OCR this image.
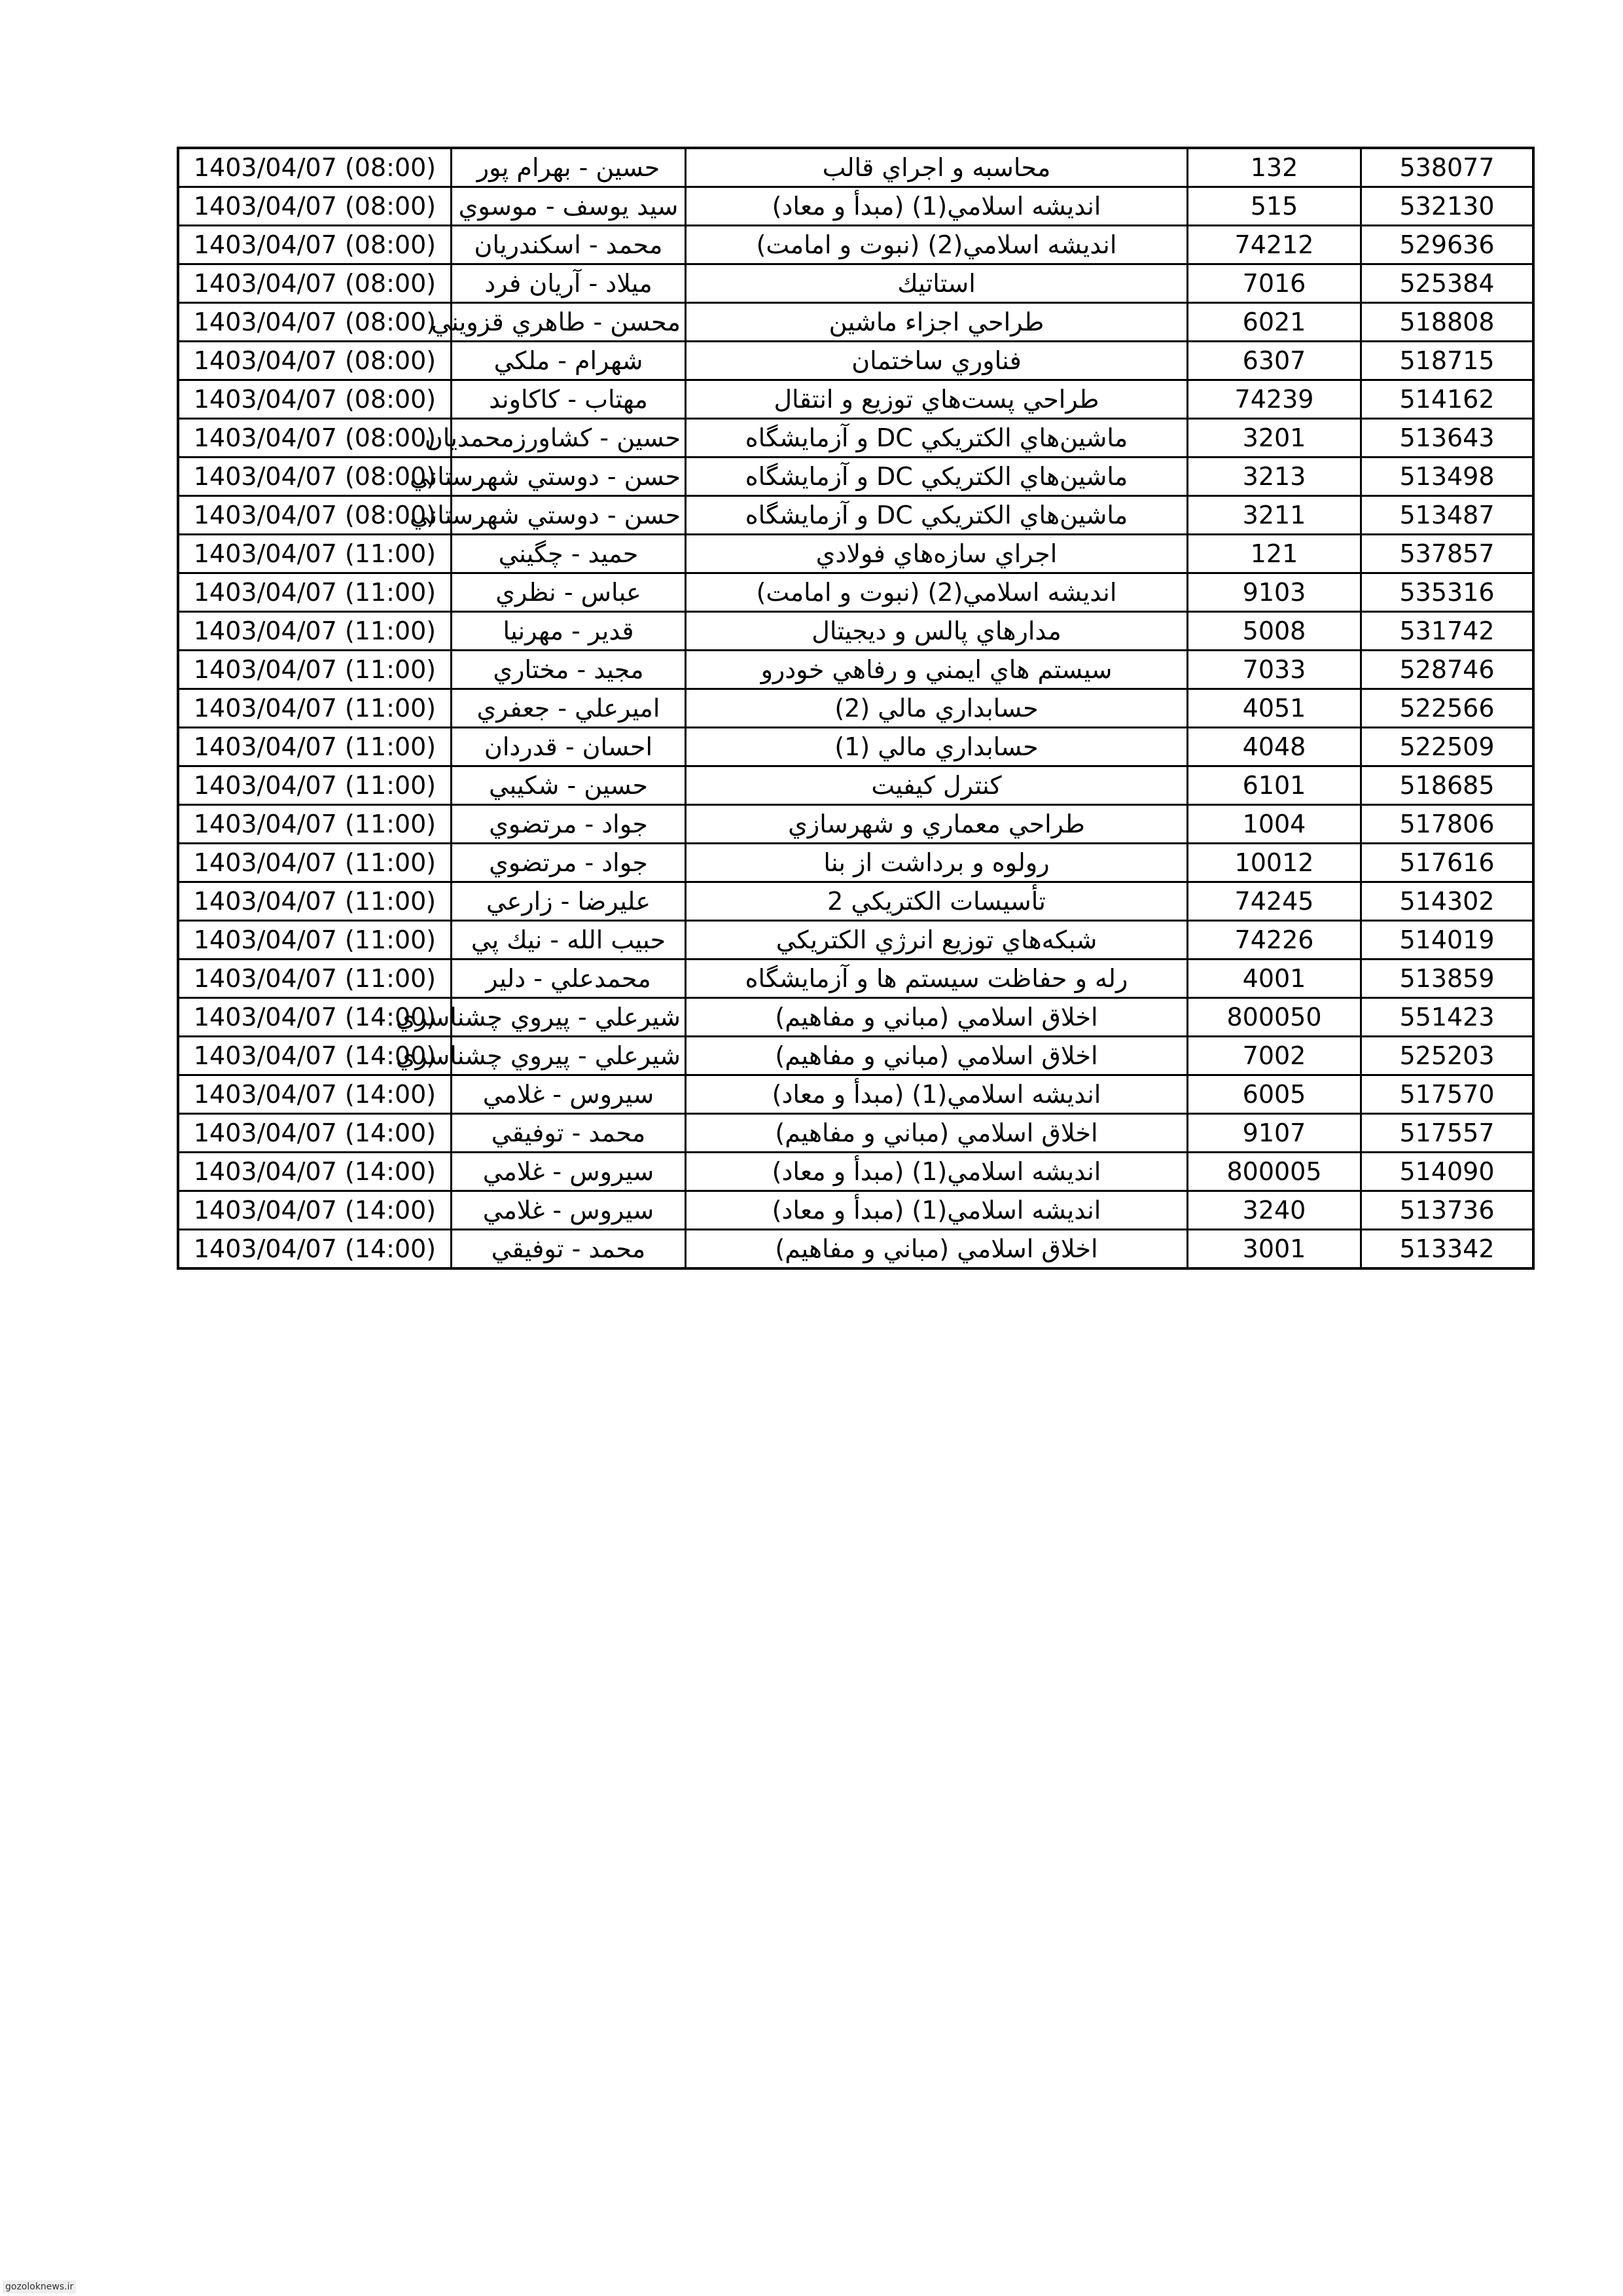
1403/04/07 (08:00)	حسين - بهرام پور	محاسبه و اجراي قالب	132	538077
1403/04/07 (08:00)	سيد يوسف - موسوي	انديشه اسلامي(1) (مبدأ و معاد)	515	532130
1403/04/07 (08:00)	محمد - اسكندريان	انديشه اسلامي(2) (نبوت و امامت)	74212	529636
1403/04/07 (08:00)	ميلاد - آريان فرد	استاتيك	7016	525384
1403/04/07 (08:00)	محسن - طاهري قزويني	طراحي اجزاء ماشين	6021	518808
1403/04/07 (08:00)	شهرام - ملكي	فناوري ساختمان	6307	518715
1403/04/07 (08:00)	مهتاب - كاكاوند	طراحي پست‌هاي توزيع و انتقال	74239	514162
1403/04/07 (08:00)	حسين - كشاورزمحمديان	ماشين‌هاي الكتريكي DC و آزمايشگاه	3201	513643
1403/04/07 (08:00)	حسن - دوستي شهرستاني	ماشين‌هاي الكتريكي DC و آزمايشگاه	3213	513498
1403/04/07 (08:00)	حسن - دوستي شهرستاني	ماشين‌هاي الكتريكي DC و آزمايشگاه	3211	513487
1403/04/07 (11:00)	حميد - چگيني	اجراي سازه‌هاي فولادي	121	537857
1403/04/07 (11:00)	عباس - نظري	انديشه اسلامي(2) (نبوت و امامت)	9103	535316
1403/04/07 (11:00)	قدير - مهرنيا	مدارهاي پالس و ديجيتال	5008	531742
1403/04/07 (11:00)	مجيد - مختاري	سيستم هاي ايمني و رفاهي خودرو	7033	528746
1403/04/07 (11:00)	اميرعلي - جعفري	حسابداري مالي (2)	4051	522566
1403/04/07 (11:00)	احسان - قدردان	حسابداري مالي (1)	4048	522509
1403/04/07 (11:00)	حسين - شكيبي	كنترل كيفيت	6101	518685
1403/04/07 (11:00)	جواد - مرتضوي	طراحي معماري و شهرسازي	1004	517806
1403/04/07 (11:00)	جواد - مرتضوي	رولوه و برداشت از بنا	10012	517616
1403/04/07 (11:00)	عليرضا - زارعي	تأسيسات الكتريكي 2	74245	514302
1403/04/07 (11:00)	حبيب الله - نيك پي	شبكه‌هاي توزيع انرژي الكتريكي	74226	514019
1403/04/07 (11:00)	محمدعلي - دلير	رله و حفاظت سيستم ها و آزمايشگاه	4001	513859
1403/04/07 (14:00)	شيرعلي - پيروي چشناسري	اخلاق اسلامي (مباني و مفاهيم)	800050	551423
1403/04/07 (14:00)	شيرعلي - پيروي چشناسري	اخلاق اسلامي (مباني و مفاهيم)	7002	525203
1403/04/07 (14:00)	سيروس - غلامي	انديشه اسلامي(1) (مبدأ و معاد)	6005	517570
1403/04/07 (14:00)	محمد - توفيقي	اخلاق اسلامي (مباني و مفاهيم)	9107	517557
1403/04/07 (14:00)	سيروس - غلامي	انديشه اسلامي(1) (مبدأ و معاد)	800005	514090
1403/04/07 (14:00)	سيروس - غلامي	انديشه اسلامي(1) (مبدأ و معاد)	3240	513736
1403/04/07 (14:00)	محمد - توفيقي	اخلاق اسلامي (مباني و مفاهيم)	3001	513342
gozoloknews.ir
